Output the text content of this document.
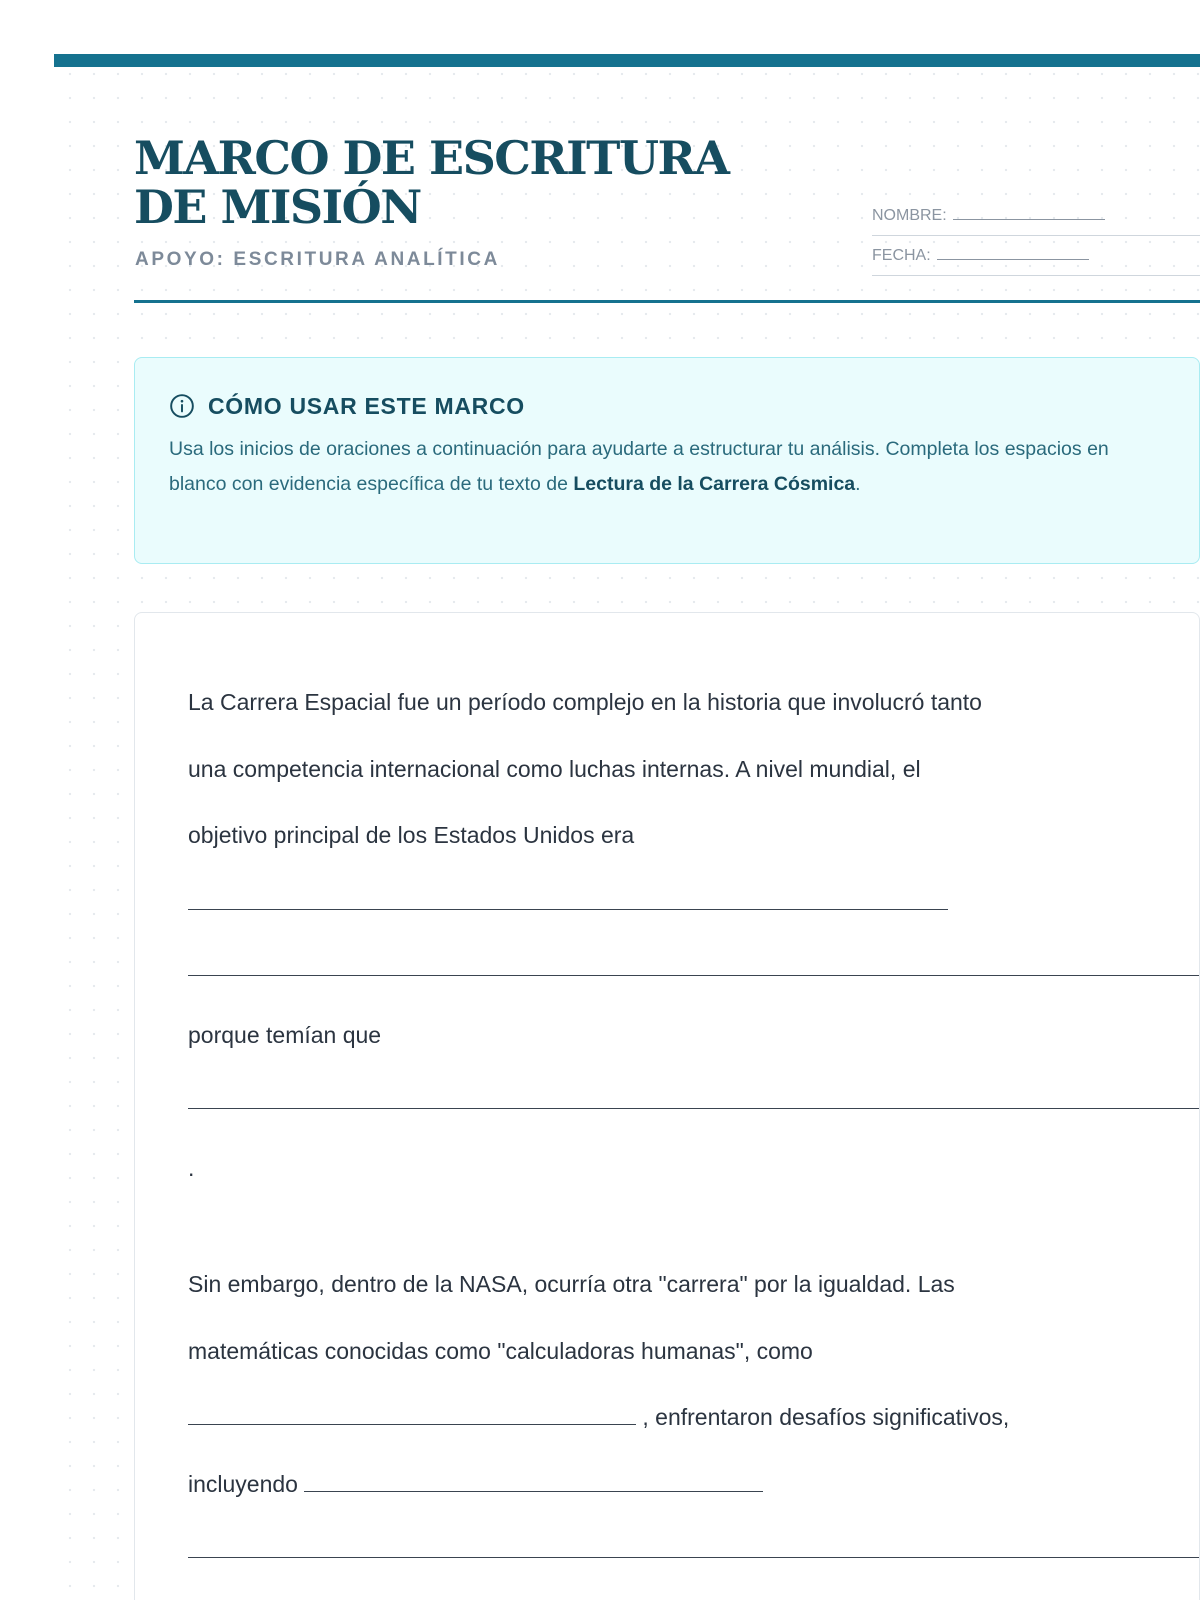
MARCO DE ESCRITURA DE MISIÓN
APOYO: ESCRITURA ANALÍTICA
NOMBRE:
FECHA:
CÓMO USAR ESTE MARCO

Usa los inicios de oraciones a continuación para ayudarte a estructurar tu análisis. Completa los espacios en blanco con evidencia específica de tu texto de Lectura de la Carrera Cósmica.

La Carrera Espacial fue un período complejo en la historia que involucró tanto
una competencia internacional como luchas internas. A nivel mundial, el
objetivo principal de los Estados Unidos era
porque temían que
.
Sin embargo, dentro de la NASA, ocurría otra "carrera" por la igualdad. Las
matemáticas conocidas como "calculadoras humanas", como
, enfrentaron desafíos significativos,
incluyendo
